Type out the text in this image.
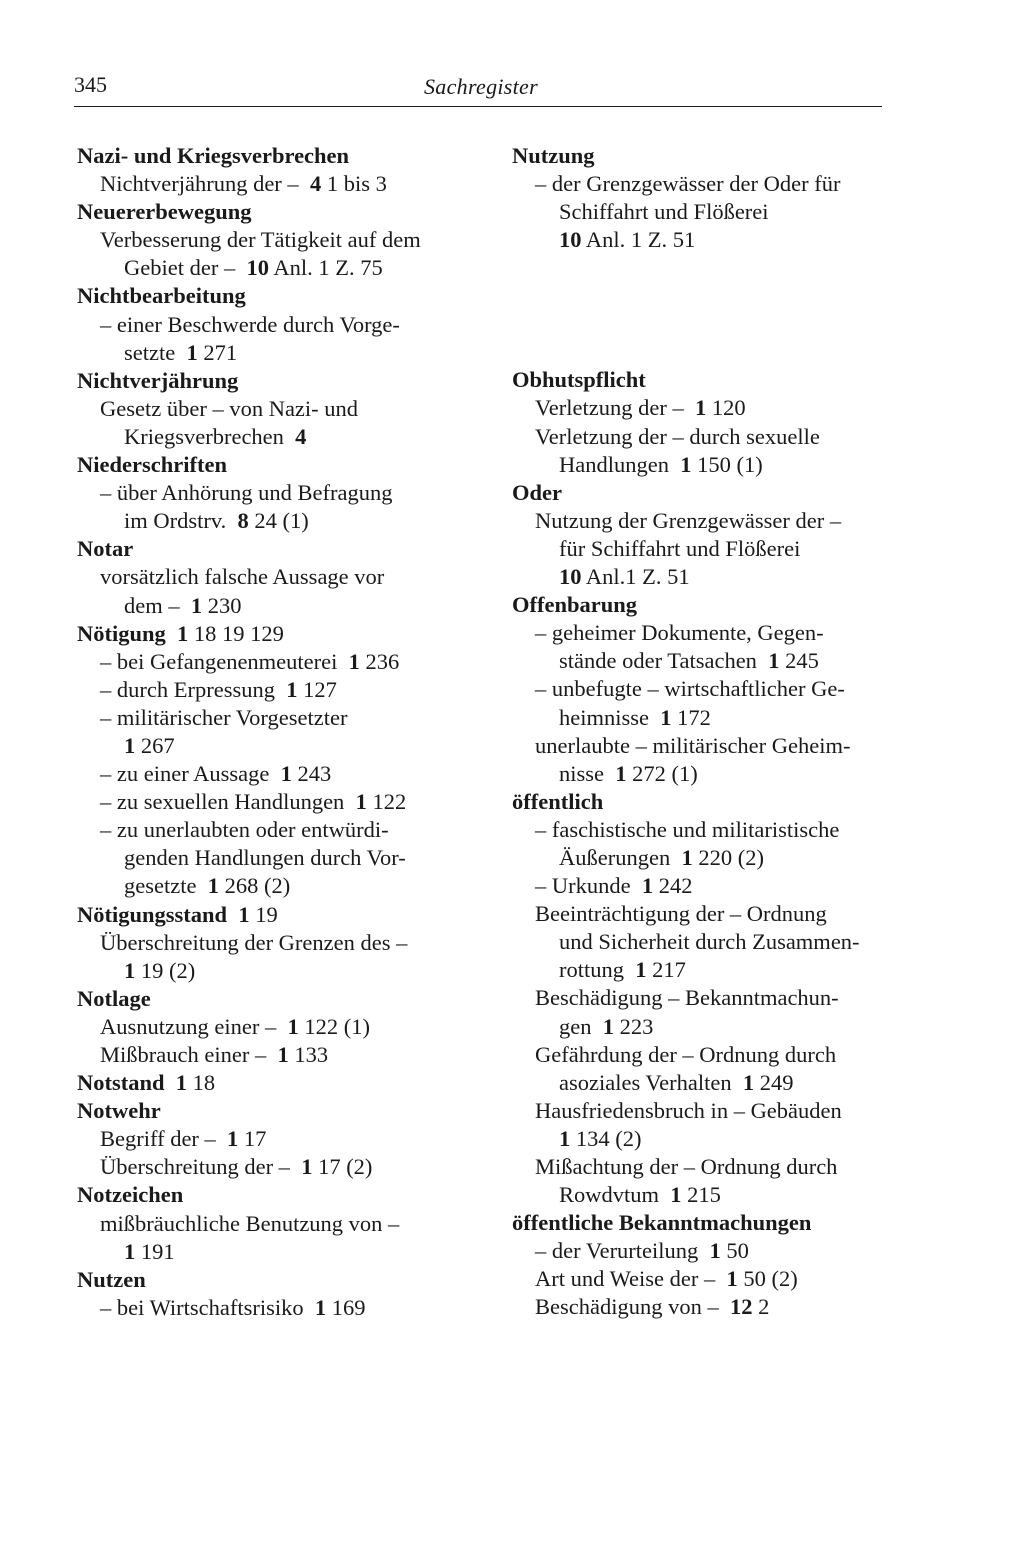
345	Sachregister
Nazi- und Kriegsverbrechen
Nichtverjährung der –  4 1 bis 3
Neuererbewegung
Verbesserung der Tätigkeit auf dem
Gebiet der –  10 Anl. 1 Z. 75
Nichtbearbeitung
– einer Beschwerde durch Vorge-
setzte  1 271
Nichtverjährung
Gesetz über – von Nazi- und
Kriegsverbrechen  4
Niederschriften
– über Anhörung und Befragung
im Ordstrv.  8 24 (1)
Notar
vorsätzlich falsche Aussage vor
dem –  1 230
Nötigung 1 18 19 129
– bei Gefangenenmeuterei  1 236
– durch Erpressung  1 127
– militärischer Vorgesetzter
1 267
– zu einer Aussage  1 243
– zu sexuellen Handlungen  1 122
– zu unerlaubten oder entwürdi-
genden Handlungen durch Vor-
gesetzte  1 268 (2)
Nötigungsstand 1 19
Überschreitung der Grenzen des –
1 19 (2)
Notlage
Ausnutzung einer –  1 122 (1)
Mißbrauch einer –  1 133
Notstand 1 18
Notwehr
Begriff der –  1 17
Überschreitung der –  1 17 (2)
Notzeichen
mißbräuchliche Benutzung von –
1 191
Nutzen
– bei Wirtschaftsrisiko  1 169
Nutzung
– der Grenzgewässer der Oder für
Schiffahrt und Flößerei
10 Anl. 1 Z. 51
Obhutspflicht
Verletzung der –  1 120
Verletzung der – durch sexuelle
Handlungen  1 150 (1)
Oder
Nutzung der Grenzgewässer der –
für Schiffahrt und Flößerei
10 Anl.1 Z. 51
Offenbarung
– geheimer Dokumente, Gegen-
stände oder Tatsachen  1 245
– unbefugte – wirtschaftlicher Ge-
heimnisse  1 172
unerlaubte – militärischer Geheim-
nisse  1 272 (1)
öffentlich
– faschistische und militaristische
Äußerungen  1 220 (2)
– Urkunde  1 242
Beeinträchtigung der – Ordnung
und Sicherheit durch Zusammen-
rottung  1 217
Beschädigung – Bekanntmachun-
gen  1 223
Gefährdung der – Ordnung durch
asoziales Verhalten  1 249
Hausfriedensbruch in – Gebäuden
1 134 (2)
Mißachtung der – Ordnung durch
Rowdvtum  1 215
öffentliche Bekanntmachungen
– der Verurteilung  1 50
Art und Weise der –  1 50 (2)
Beschädigung von –  12 2
